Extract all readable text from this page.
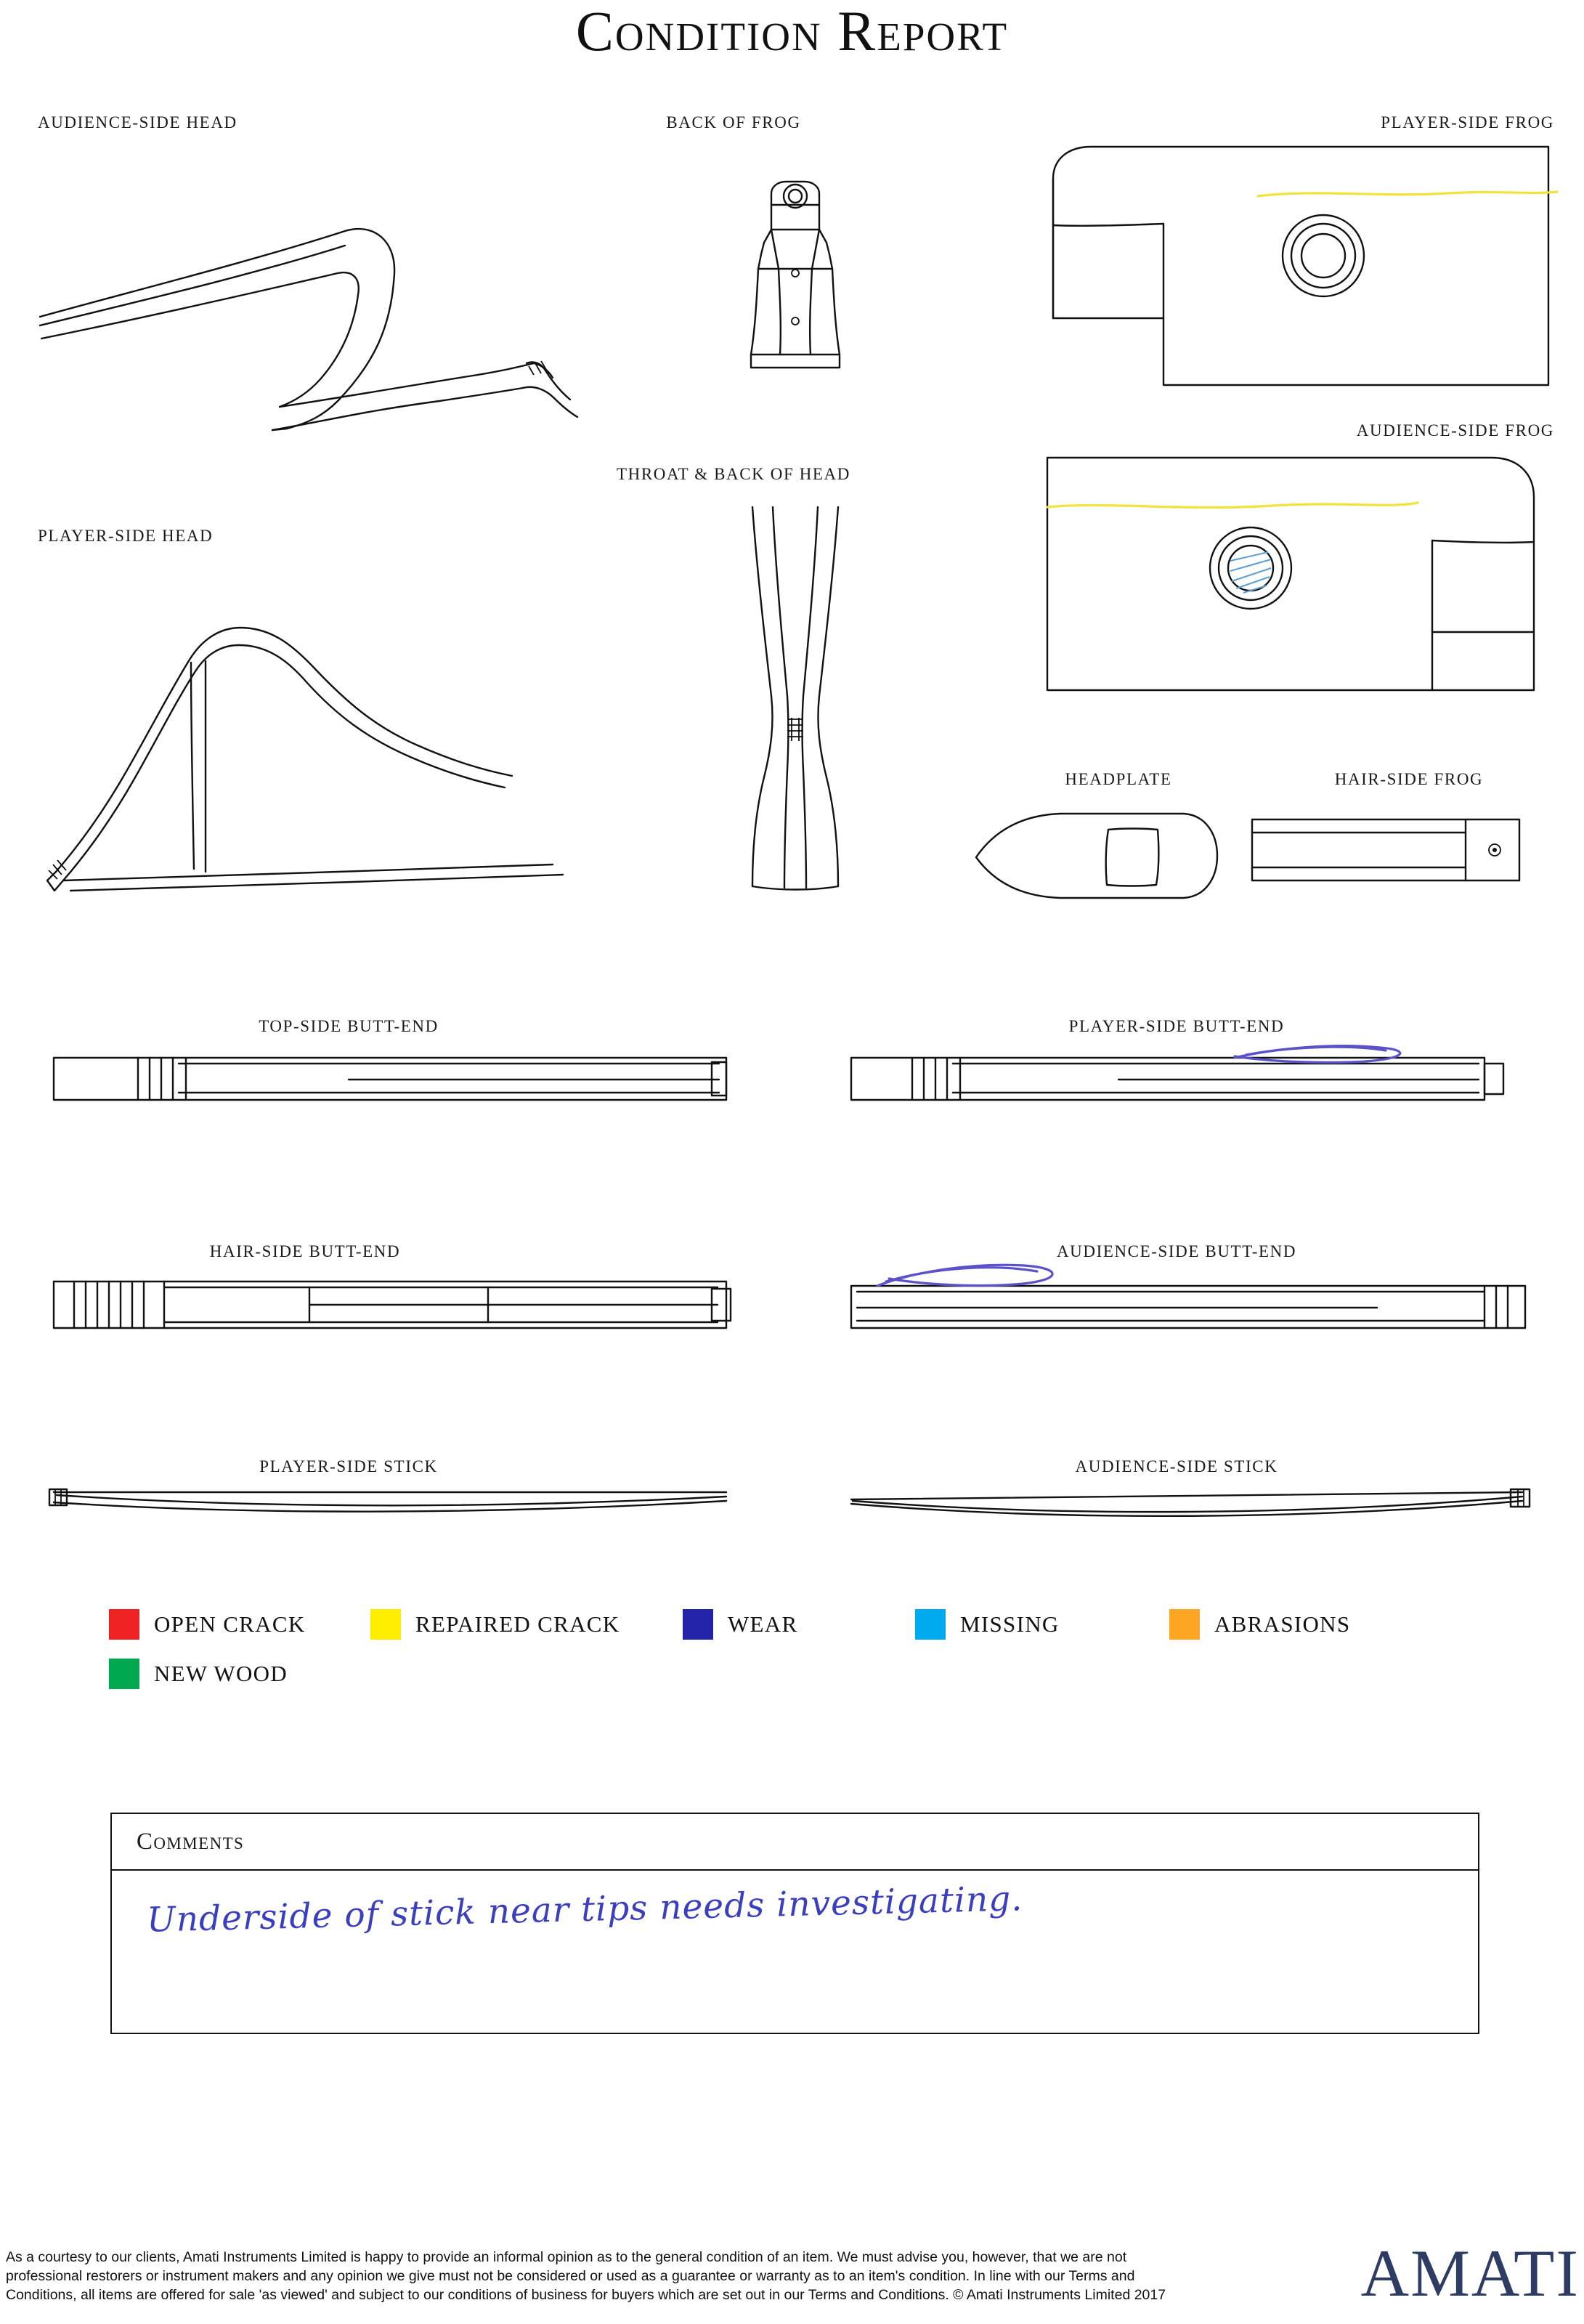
Condition Report
AUDIENCE-SIDE HEAD	BACK OF FROG	PLAYER-SIDE FROG
AUDIENCE-SIDE FROG
PLAYER-SIDE HEAD
THROAT & BACK OF HEAD
HEADPLATE	HAIR-SIDE FROG
TOP-SIDE BUTT-END	PLAYER-SIDE BUTT-END
HAIR-SIDE BUTT-END	AUDIENCE-SIDE BUTT-END
PLAYER-SIDE STICK	AUDIENCE-SIDE STICK
OPEN CRACK	REPAIRED CRACK	WEAR	MISSING	ABRASIONS
NEW WOOD
Comments
Underside of stick near tips needs investigating.
As a courtesy to our clients, Amati Instruments Limited is happy to provide an informal opinion as to the general condition of an item. We must advise you, however, that we are not professional restorers or instrument makers and any opinion we give must not be considered or used as a guarantee or warranty as to an item's condition. In line with our Terms and Conditions, all items are offered for sale 'as viewed' and subject to our conditions of business for buyers which are set out in our Terms and Conditions. © Amati Instruments Limited 2017	AMATI
